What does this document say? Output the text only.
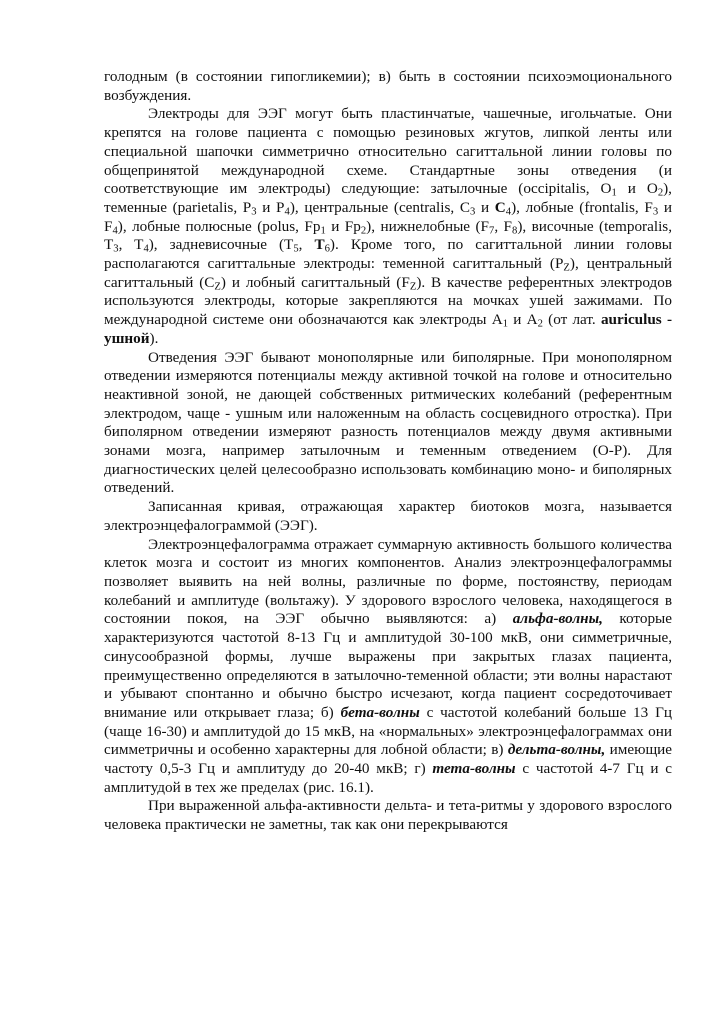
голодным (в состоянии гипогликемии); в) быть в состоянии психоэмоционального возбуждения.

Электроды для ЭЭГ могут быть пластинчатые, чашечные, игольчатые. Они крепятся на голове пациента с помощью резиновых жгутов, липкой ленты или специальной шапочки симметрично относительно сагиттальной линии головы по общепринятой международной схеме. Стандартные зоны отведения (и соответствующие им электроды) следующие: затылочные (occipitalis, $O_1$ и $O_2$), теменные (parietalis, $P_3$ и $P_4$), центральные (centralis, $C_3$ и $C_4$), лобные (frontalis, $F_3$ и $F_4$), лобные полюсные (polus, $Fp_1$ и $Fp_2$), нижнелобные ($F_7$, $F_8$), височные (temporalis, $T_3$, $T_4$), задневисочные ($T_5$, $T_6$). Кроме того, по сагиттальной линии головы располагаются сагиттальные электроды: теменной сагиттальный $(P_Z)$, центральный сагиттальный $(C_Z)$ и лобный сагиттальный $(F_Z)$. В качестве референтных электродов используются электроды, которые закрепляются на мочках ушей зажимами. По международной системе они обозначаются как электроды $A_1$ и $A_2$ (от лат. auriculus - ушной).

Отведения ЭЭГ бывают монополярные или биполярные. При монополярном отведении измеряются потенциалы между активной точкой на голове и относительно неактивной зоной, не дающей собственных ритмических колебаний (референтным электродом, чаще - ушным или наложенным на область сосцевидного отростка). При биполярном отведении измеряют разность потенциалов между двумя активными зонами мозга, например затылочным и теменным отведением (O-P). Для диагностических целей целесообразно использовать комбинацию моно- и биполярных отведений.

Записанная кривая, отражающая характер биотоков мозга, называется электроэнцефалограммой (ЭЭГ).

Электроэнцефалограмма отражает суммарную активность большого количества клеток мозга и состоит из многих компонентов. Анализ электроэнцефалограммы позволяет выявить на ней волны, различные по форме, постоянству, периодам колебаний и амплитуде (вольтажу). У здорового взрослого человека, находящегося в состоянии покоя, на ЭЭГ обычно выявляются: а) альфа-волны, которые характеризуются частотой 8-13 Гц и амплитудой 30-100 мкВ, они симметричные, синусообразной формы, лучше выражены при закрытых глазах пациента, преимущественно определяются в затылочно-теменной области; эти волны нарастают и убывают спонтанно и обычно быстро исчезают, когда пациент сосредоточивает внимание или открывает глаза; б) бета-волны с частотой колебаний больше 13 Гц (чаще 16-30) и амплитудой до 15 мкВ, на «нормальных» электроэнцефалограммах они симметричны и особенно характерны для лобной области; в) дельта-волны, имеющие частоту 0,5-3 Гц и амплитуду до 20-40 мкВ; г) тета-волны с частотой 4-7 Гц и с амплитудой в тех же пределах (рис. 16.1).

При выраженной альфа-активности дельта- и тета-ритмы у здорового взрослого человека практически не заметны, так как они перекрываются
